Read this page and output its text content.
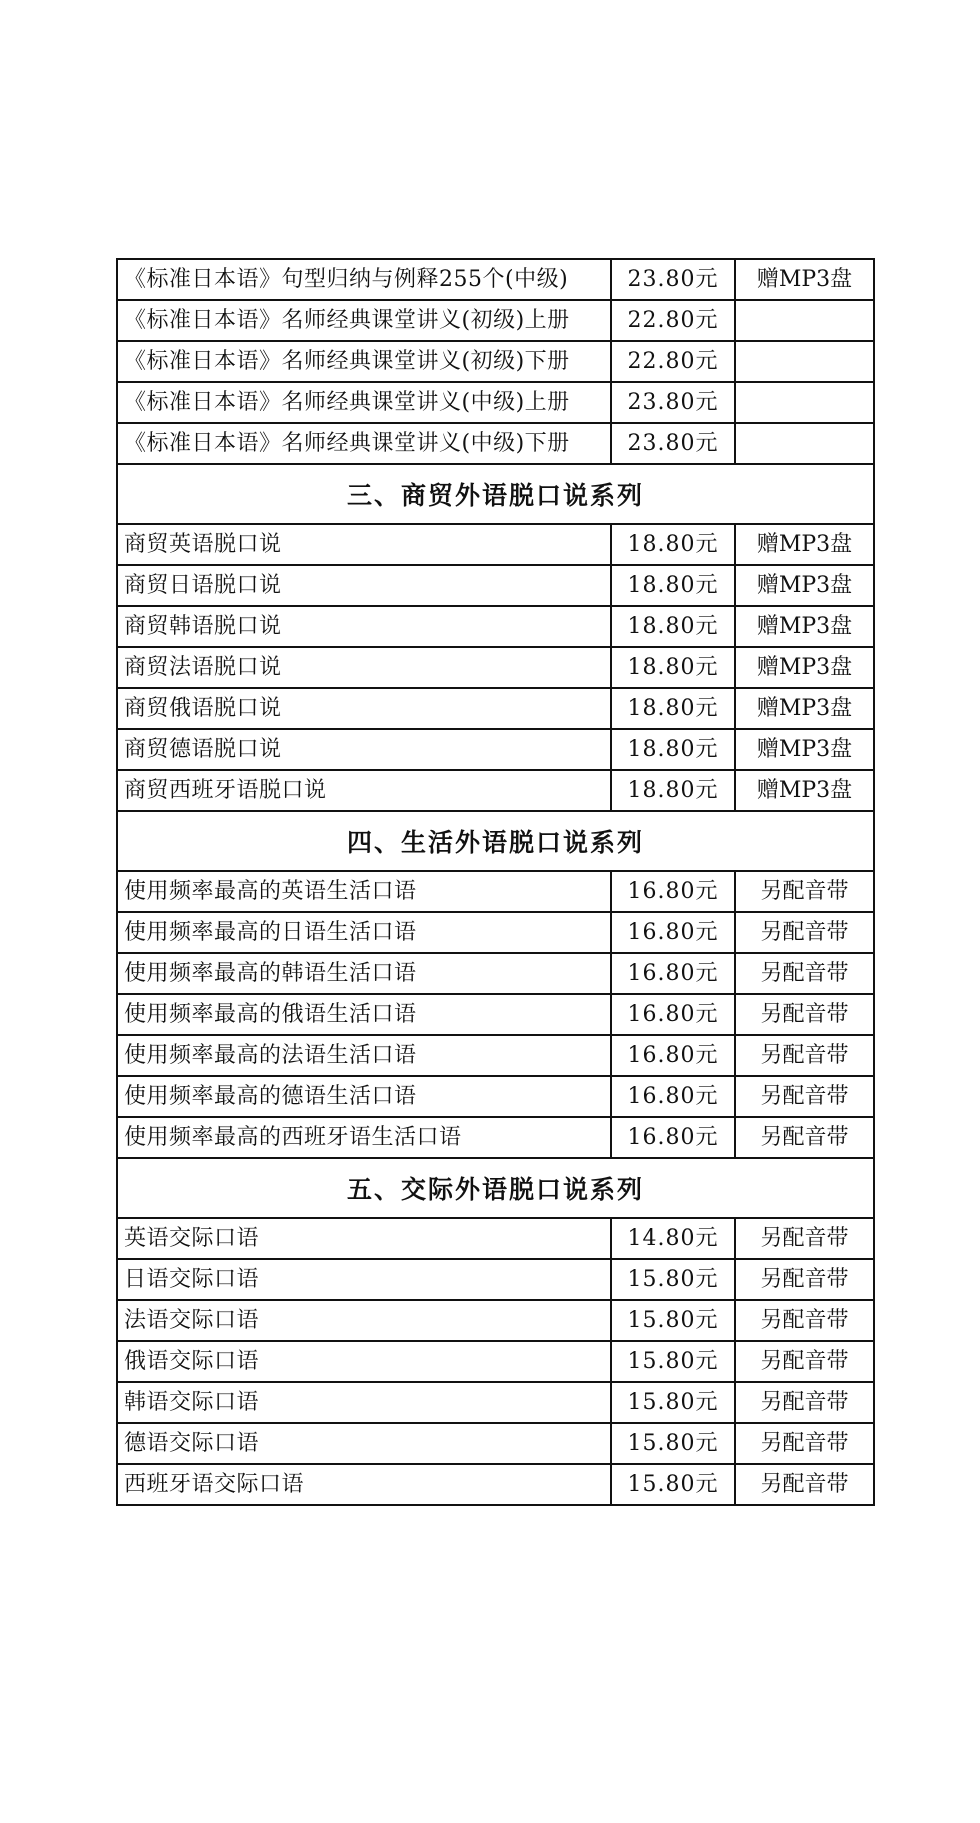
《标准日本语》句型归纳与例释255个(中级)	23.80元	赠MP3盘
《标准日本语》名师经典课堂讲义(初级)上册	22.80元
《标准日本语》名师经典课堂讲义(初级)下册	22.80元
《标准日本语》名师经典课堂讲义(中级)上册	23.80元
《标准日本语》名师经典课堂讲义(中级)下册	23.80元
三、商贸外语脱口说系列
商贸英语脱口说	18.80元	赠MP3盘
商贸日语脱口说	18.80元	赠MP3盘
商贸韩语脱口说	18.80元	赠MP3盘
商贸法语脱口说	18.80元	赠MP3盘
商贸俄语脱口说	18.80元	赠MP3盘
商贸德语脱口说	18.80元	赠MP3盘
商贸西班牙语脱口说	18.80元	赠MP3盘
四、生活外语脱口说系列
使用频率最高的英语生活口语	16.80元	另配音带
使用频率最高的日语生活口语	16.80元	另配音带
使用频率最高的韩语生活口语	16.80元	另配音带
使用频率最高的俄语生活口语	16.80元	另配音带
使用频率最高的法语生活口语	16.80元	另配音带
使用频率最高的德语生活口语	16.80元	另配音带
使用频率最高的西班牙语生活口语	16.80元	另配音带
五、交际外语脱口说系列
英语交际口语	14.80元	另配音带
日语交际口语	15.80元	另配音带
法语交际口语	15.80元	另配音带
俄语交际口语	15.80元	另配音带
韩语交际口语	15.80元	另配音带
德语交际口语	15.80元	另配音带
西班牙语交际口语	15.80元	另配音带
